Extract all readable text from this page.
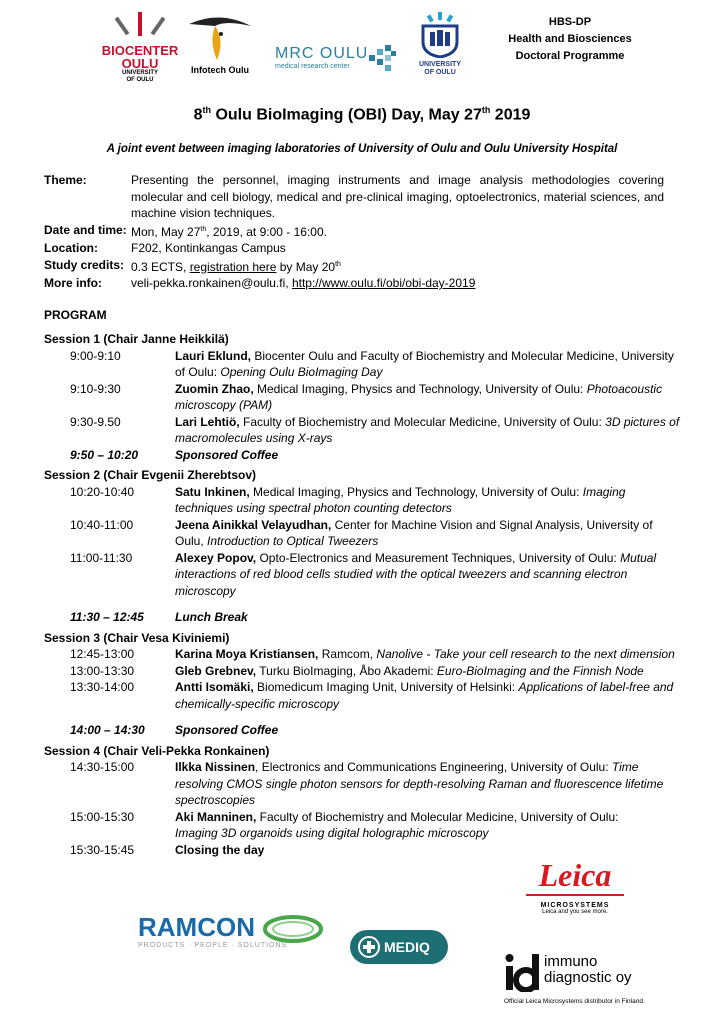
BIOCENTER
OULU
UNIVERSITY
OF OULU
Infotech Oulu
MRC OULU
medical research center	UNIVERSITY
OF OULU
HBS-DP
Health and Biosciences
Doctoral Programme
8th Oulu BioImaging (OBI) Day, May 27th 2019
A joint event between imaging laboratories of University of Oulu and Oulu University Hospital
Theme:	Presenting the personnel, imaging instruments and image analysis methodologies covering molecular and cell biology, medical and pre-clinical imaging, optoelectronics, material sciences, and machine vision techniques.
Date and time: Mon, May 27th, 2019, at 9:00 - 16:00.
Location:	F202, Kontinkangas Campus
Study credits: 0.3 ECTS, registration here by May 20th
More info:	veli-pekka.ronkainen@oulu.fi, http://www.oulu.fi/obi/obi-day-2019
PROGRAM
Session 1 (Chair Janne Heikkilä)
9:00-9:10	Lauri Eklund, Biocenter Oulu and Faculty of Biochemistry and Molecular Medicine, University of Oulu: Opening Oulu BioImaging Day
9:10-9:30	Zuomin Zhao, Medical Imaging, Physics and Technology, University of Oulu: Photoacoustic microscopy (PAM)
9:30-9.50	Lari Lehtiö, Faculty of Biochemistry and Molecular Medicine, University of Oulu: 3D pictures of macromolecules using X-rays
9:50 – 10:20	Sponsored Coffee
Session 2 (Chair Evgenii Zherebtsov)
10:20-10:40	Satu Inkinen, Medical Imaging, Physics and Technology, University of Oulu: Imaging techniques using spectral photon counting detectors
10:40-11:00	Jeena Ainikkal Velayudhan, Center for Machine Vision and Signal Analysis, University of Oulu, Introduction to Optical Tweezers
11:00-11:30	Alexey Popov, Opto-Electronics and Measurement Techniques, University of Oulu: Mutual interactions of red blood cells studied with the optical tweezers and scanning electron microscopy
11:30 – 12:45	Lunch Break
Session 3 (Chair Vesa Kiviniemi)
12:45-13:00	Karina Moya Kristiansen, Ramcom, Nanolive - Take your cell research to the next dimension
13:00-13:30	Gleb Grebnev, Turku BioImaging, Åbo Akademi: Euro-BioImaging and the Finnish Node
13:30-14:00	Antti Isomäki, Biomedicum Imaging Unit, University of Helsinki: Applications of label-free and chemically-specific microscopy
14:00 – 14:30	Sponsored Coffee
Session 4 (Chair Veli-Pekka Ronkainen)
14:30-15:00	Ilkka Nissinen, Electronics and Communications Engineering, University of Oulu: Time resolving CMOS single photon sensors for depth-resolving Raman and fluorescence lifetime spectroscopies
15:00-15:30	Aki Manninen, Faculty of Biochemistry and Molecular Medicine, University of Oulu: Imaging 3D organoids using digital holographic microscopy
15:30-15:45	Closing the day
Leica
MICROSYSTEMS
Leica and you see more.
RAMCON
PRODUCTS · PEOPLE · SOLUTIONS	MEDIQ
immuno
diagnostic oy
Official Leica Microsystems distributor in Finland.
